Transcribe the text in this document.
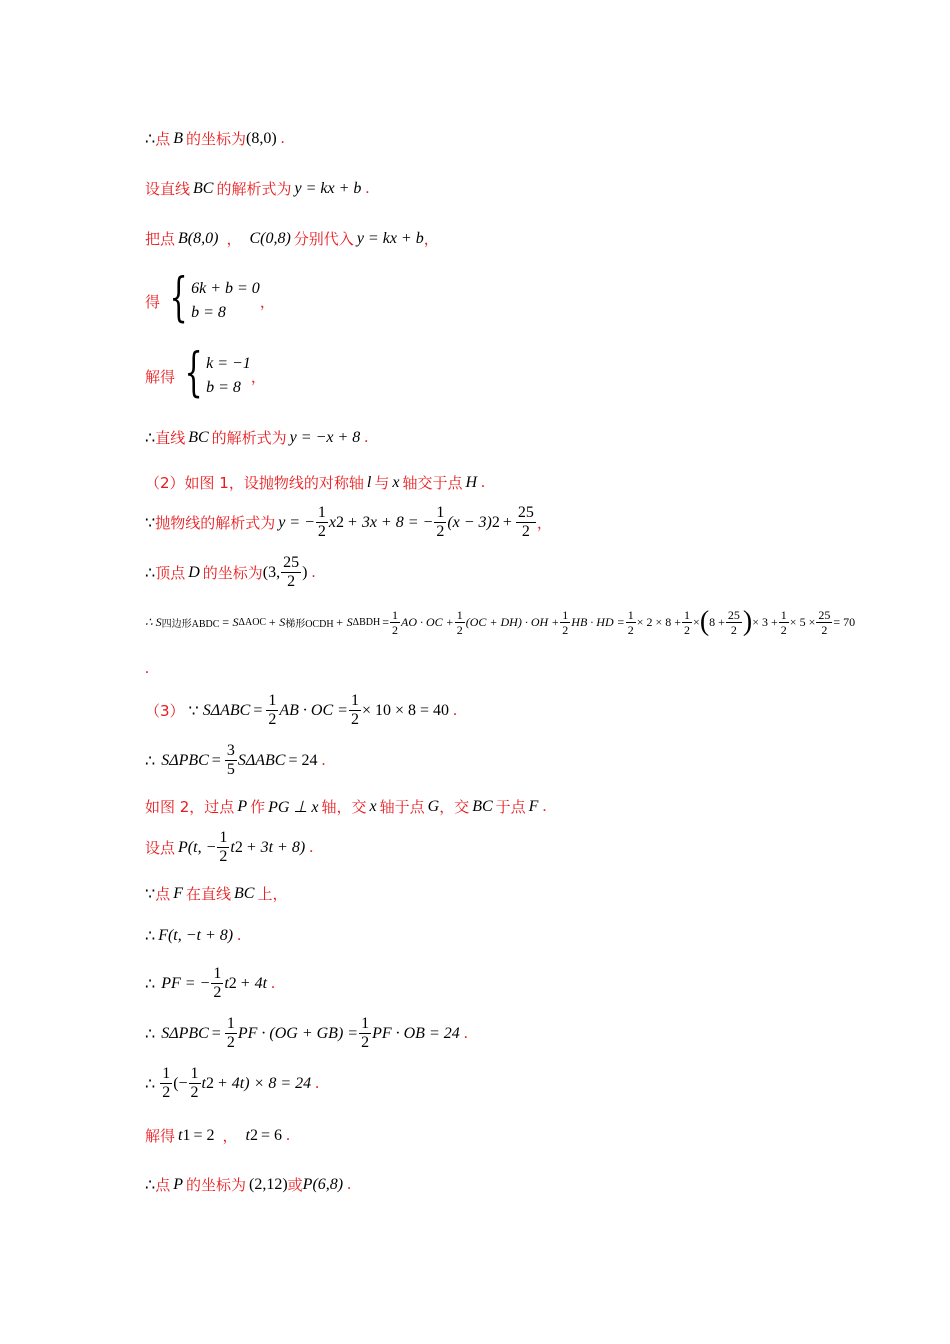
∴ 点 B 的坐标为 (8,0) .
设直线 BC 的解析式为 y = kx + b .
把点 B(8,0) ， C(0,8) 分别代入 y = kx + b ，
得 { 6k + b = 0
b = 8
，
解得 { k = −1
b = 8
，
∴ 直线 BC 的解析式为 y = −x + 8 .
（2）如图 1，设抛物线的对称轴 l 与 x 轴交于点 H .
∵ 抛物线的解析式为 y = − $\frac{1}{2}$ x 2 + 3x + 8 = − $\frac{1}{2} (x - 3) 2 + \frac{25}{2}$ ，
∴ 顶点 D 的坐标为 (3, $\frac{25}{2}$ ) .
∴ S 四边形ABDC = S ΔAOC + S 梯形OCDH + S $\Delta BDH = \frac{1}{2}$ AO · OC + $\frac{1}{2} (OC + DH)$ · OH + $\frac{1}{2}$ HB · HD = $\frac{1}{2} \times 2 \times 8 + \frac{1}{2}$ × ( $8 + \frac{25}{2}$ ) × $3 + \frac{1}{2} \times 5 \times \frac{25}{2} = 70$
.
（3） ∵ S $\Delta ABC = \frac{1}{2}$ AB · OC = $\frac{1}{2} \times 10 \times 8 = 40$ .
∴ S $\Delta PBC = \frac{3}{5}$ S ΔABC = 24 .
如图 2，过点 P 作 PG ⊥ x 轴，交 x 轴于点 G ，交 BC 于点 F .
设点 P(t, − $\frac{1}{2}$ t 2 + 3t + 8) .
∵ 点 F 在直线 BC 上，
∴ F(t, −t + 8) .
∴ PF = − $\frac{1}{2}$ t 2 + 4t .
∴ S $\Delta PBC = \frac{1}{2}$ PF · $(OG + GB) = \frac{1}{2}$ PF · OB = 24 .
∴ $\frac{1}{2}$ (− $\frac{1}{2}$ t 2 + 4t) × 8 = 24 .
解得 t 1 = 2 ， t 2 = 6 .
∴ 点 P 的坐标为 (2,12) 或 P(6,8) .
